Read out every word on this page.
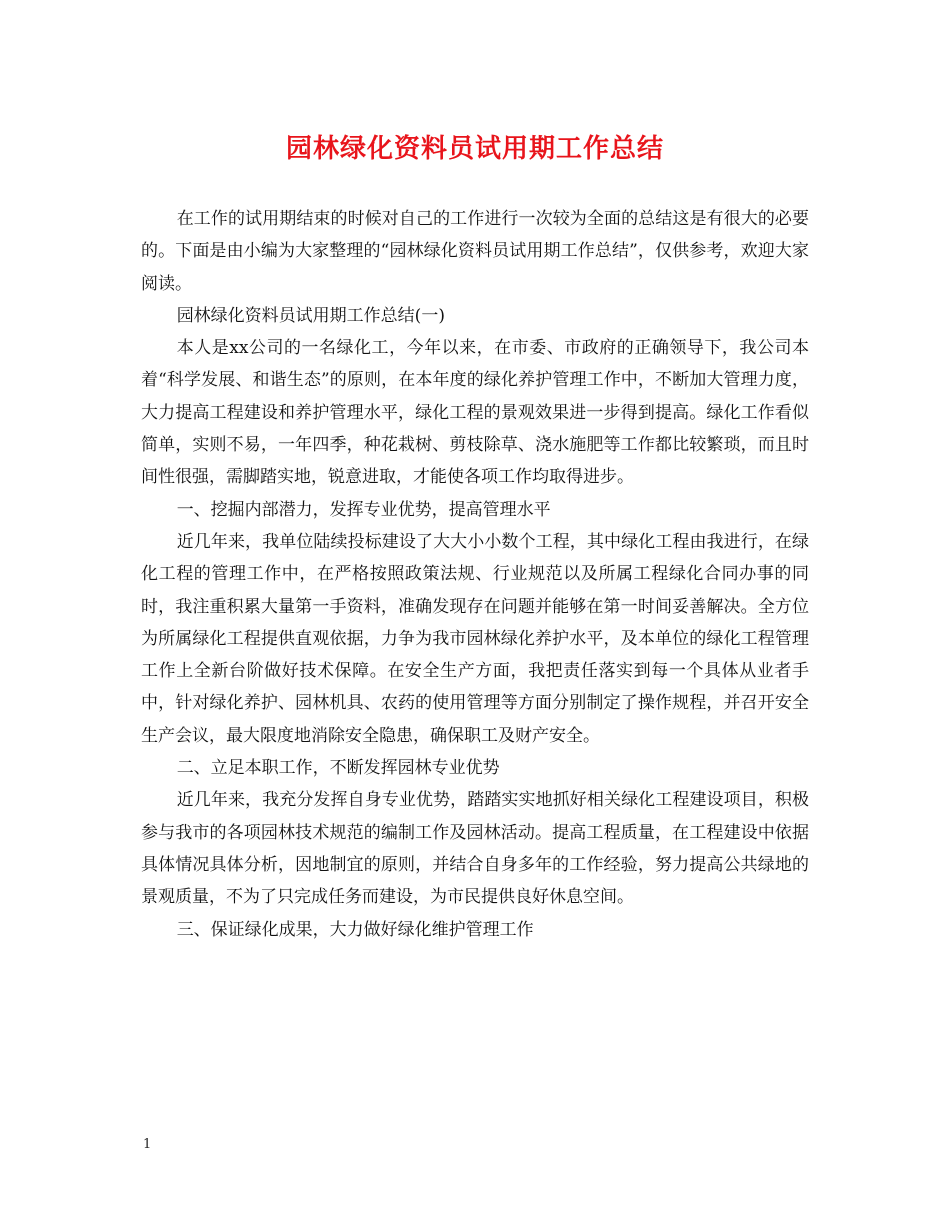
园林绿化资料员试用期工作总结

在工作的试用期结束的时候对自己的工作进行一次较为全面的总结这是有很大的必要的。下面是由小编为大家整理的“园林绿化资料员试用期工作总结”，仅供参考，欢迎大家阅读。

园林绿化资料员试用期工作总结(一)

本人是xx公司的一名绿化工，今年以来，在市委、市政府的正确领导下，我公司本着“科学发展、和谐生态”的原则，在本年度的绿化养护管理工作中，不断加大管理力度，大力提高工程建设和养护管理水平，绿化工程的景观效果进一步得到提高。绿化工作看似简单，实则不易，一年四季，种花栽树、剪枝除草、浇水施肥等工作都比较繁琐，而且时间性很强，需脚踏实地，锐意进取，才能使各项工作均取得进步。

一、挖掘内部潜力，发挥专业优势，提高管理水平

近几年来，我单位陆续投标建设了大大小小数个工程，其中绿化工程由我进行，在绿化工程的管理工作中，在严格按照政策法规、行业规范以及所属工程绿化合同办事的同时，我注重积累大量第一手资料，准确发现存在问题并能够在第一时间妥善解决。全方位为所属绿化工程提供直观依据，力争为我市园林绿化养护水平，及本单位的绿化工程管理工作上全新台阶做好技术保障。在安全生产方面，我把责任落实到每一个具体从业者手中，针对绿化养护、园林机具、农药的使用管理等方面分别制定了操作规程，并召开安全生产会议，最大限度地消除安全隐患，确保职工及财产安全。

二、立足本职工作，不断发挥园林专业优势

近几年来，我充分发挥自身专业优势，踏踏实实地抓好相关绿化工程建设项目，积极参与我市的各项园林技术规范的编制工作及园林活动。提高工程质量，在工程建设中依据具体情况具体分析，因地制宜的原则，并结合自身多年的工作经验，努力提高公共绿地的景观质量，不为了只完成任务而建设，为市民提供良好休息空间。

三、保证绿化成果，大力做好绿化维护管理工作

1
